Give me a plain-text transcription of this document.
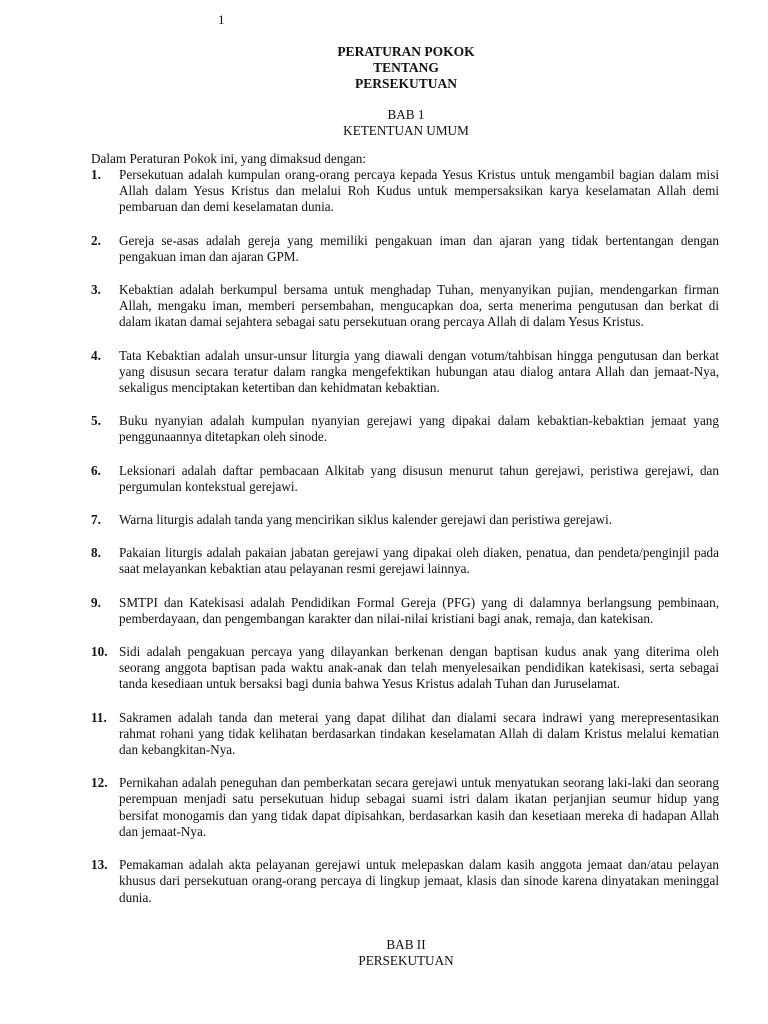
1
PERATURAN POKOK
TENTANG
PERSEKUTUAN
BAB 1
KETENTUAN UMUM
Dalam Peraturan Pokok ini, yang dimaksud dengan:
1.	Persekutuan adalah kumpulan orang-orang percaya kepada Yesus Kristus untuk mengambil bagian dalam misi Allah dalam Yesus Kristus dan melalui Roh Kudus untuk mempersaksikan karya keselamatan Allah demi pembaruan dan demi keselamatan dunia.
2.	Gereja se-asas adalah gereja yang memiliki pengakuan iman dan ajaran yang tidak bertentangan dengan pengakuan iman dan ajaran GPM.
3.	Kebaktian adalah berkumpul bersama untuk menghadap Tuhan, menyanyikan pujian, mendengarkan firman Allah, mengaku iman, memberi persembahan, mengucapkan doa, serta menerima pengutusan dan berkat di dalam ikatan damai sejahtera sebagai satu persekutuan orang percaya Allah di dalam Yesus Kristus.
4.	Tata Kebaktian adalah unsur-unsur liturgia yang diawali dengan votum/tahbisan hingga pengutusan dan berkat yang disusun secara teratur dalam rangka mengefektikan hubungan atau dialog antara Allah dan jemaat-Nya, sekaligus menciptakan ketertiban dan kehidmatan kebaktian.
5.	Buku nyanyian adalah kumpulan nyanyian gerejawi yang dipakai dalam kebaktian-kebaktian jemaat yang penggunaannya ditetapkan oleh sinode.
6.	Leksionari adalah daftar pembacaan Alkitab yang disusun menurut tahun gerejawi, peristiwa gerejawi, dan pergumulan kontekstual gerejawi.
7.	Warna liturgis adalah tanda yang mencirikan siklus kalender gerejawi dan peristiwa gerejawi.
8.	Pakaian liturgis adalah pakaian jabatan gerejawi yang dipakai oleh diaken, penatua, dan pendeta/penginjil pada saat melayankan kebaktian atau pelayanan resmi gerejawi lainnya.
9.	SMTPI dan Katekisasi adalah Pendidikan Formal Gereja (PFG) yang di dalamnya berlangsung pembinaan, pemberdayaan, dan pengembangan karakter dan nilai-nilai kristiani bagi anak, remaja, dan katekisan.
10. Sidi adalah pengakuan percaya yang dilayankan berkenan dengan baptisan kudus anak yang diterima oleh seorang anggota baptisan pada waktu anak-anak dan telah menyelesaikan pendidikan katekisasi, serta sebagai tanda kesediaan untuk bersaksi bagi dunia bahwa Yesus Kristus adalah Tuhan dan Juruselamat.
11. Sakramen adalah tanda dan meterai yang dapat dilihat dan dialami secara indrawi yang merepresentasikan rahmat rohani yang tidak kelihatan berdasarkan tindakan keselamatan Allah di dalam Kristus melalui kematian dan kebangkitan-Nya.
12. Pernikahan adalah peneguhan dan pemberkatan secara gerejawi untuk menyatukan seorang laki-laki dan seorang perempuan menjadi satu persekutuan hidup sebagai suami istri dalam ikatan perjanjian seumur hidup yang bersifat monogamis dan yang tidak dapat dipisahkan, berdasarkan kasih dan kesetiaan mereka di hadapan Allah dan jemaat-Nya.
13. Pemakaman adalah akta pelayanan gerejawi untuk melepaskan dalam kasih anggota jemaat dan/atau pelayan khusus dari persekutuan orang-orang percaya di lingkup jemaat, klasis dan sinode karena dinyatakan meninggal dunia.
BAB II
PERSEKUTUAN
